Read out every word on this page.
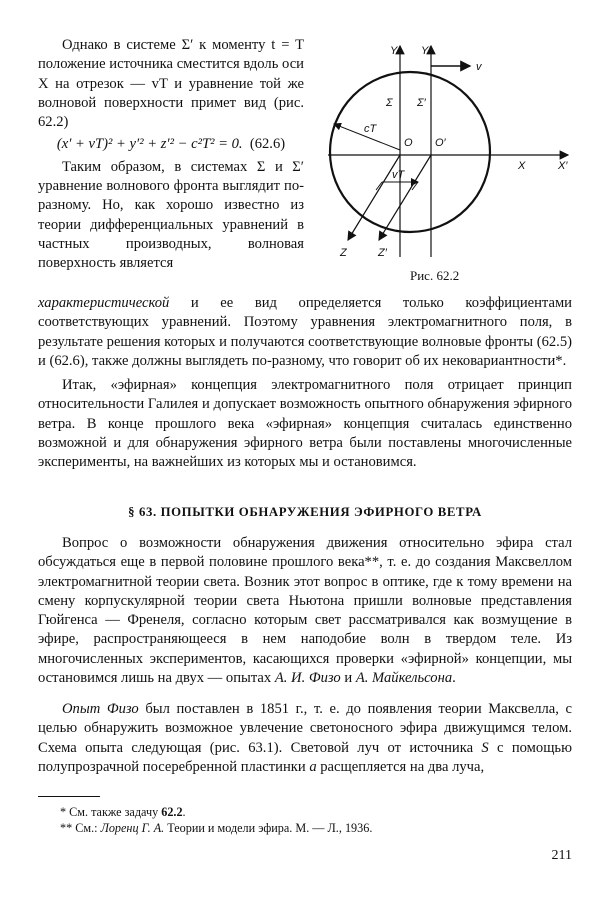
Однако в системе Σ′ к моменту t = T положение источника сместится вдоль оси X на отрезок — vT и уравнение той же волновой поверхности примет вид (рис. 62.2)
(x′ + vT)² + y′² + z′² − c²T² = 0. (62.6)
Таким образом, в системах Σ и Σ′ уравнение волнового фронта выглядит по-разному. Но, как хорошо известно из теории дифференциальных уравнений в частных производных, волновая поверхность является
Y Y′
v
Σ Σ′
cT
O O′
vT
X	X′
Z	Z′
Рис. 62.2
характеристической и ее вид определяется только коэффициентами соответствующих уравнений. Поэтому уравнения электромагнитного поля, в результате решения которых и получаются соответствующие волновые фронты (62.5) и (62.6), также должны выглядеть по-разному, что говорит об их нековариантности*.
Итак, «эфирная» концепция электромагнитного поля отрицает принцип относительности Галилея и допускает возможность опытного обнаружения эфирного ветра. В конце прошлого века «эфирная» концепция считалась единственно возможной и для обнаружения эфирного ветра были поставлены многочисленные эксперименты, на важнейших из которых мы и остановимся.
§ 63. ПОПЫТКИ ОБНАРУЖЕНИЯ ЭФИРНОГО ВЕТРА
Вопрос о возможности обнаружения движения относительно эфира стал обсуждаться еще в первой половине прошлого века**, т. е. до создания Максвеллом электромагнитной теории света. Возник этот вопрос в оптике, где к тому времени на смену корпускулярной теории света Ньютона пришли волновые представления Гюйгенса — Френеля, согласно которым свет рассматривался как возмущение в эфире, распространяющееся в нем наподобие волн в твердом теле. Из многочисленных экспериментов, касающихся проверки «эфирной» концепции, мы остановимся лишь на двух — опытах А. И. Физо и А. Майкельсона.
Опыт Физо был поставлен в 1851 г., т. е. до появления теории Максвелла, с целью обнаружить возможное увлечение светоносного эфира движущимся телом. Схема опыта следующая (рис. 63.1). Световой луч от источника S с помощью полупрозрачной посеребренной пластинки a расщепляется на два луча,
* См. также задачу 62.2.
** См.: Лоренц Г. А. Теории и модели эфира. М. — Л., 1936.
211
